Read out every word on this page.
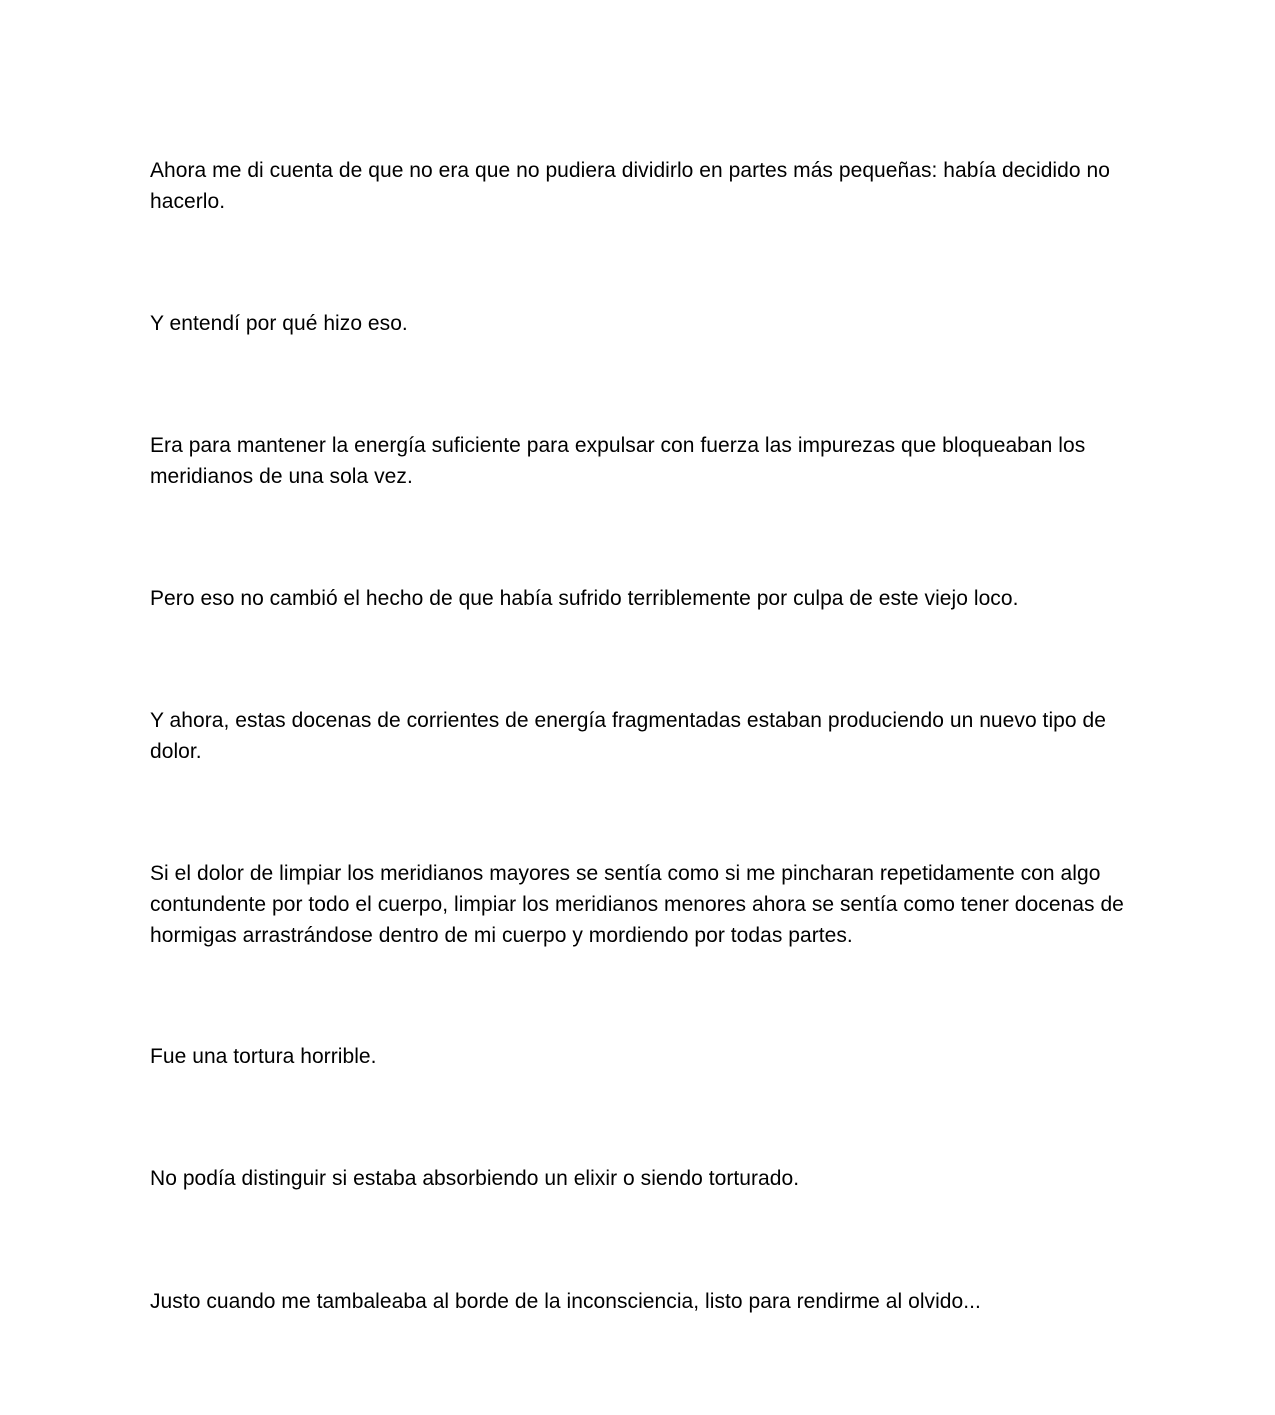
Ahora me di cuenta de que no era que no pudiera dividirlo en partes más pequeñas: había decidido no hacerlo.

Y entendí por qué hizo eso.

Era para mantener la energía suficiente para expulsar con fuerza las impurezas que bloqueaban los meridianos de una sola vez.

Pero eso no cambió el hecho de que había sufrido terriblemente por culpa de este viejo loco.

Y ahora, estas docenas de corrientes de energía fragmentadas estaban produciendo un nuevo tipo de dolor.

Si el dolor de limpiar los meridianos mayores se sentía como si me pincharan repetidamente con algo contundente por todo el cuerpo, limpiar los meridianos menores ahora se sentía como tener docenas de hormigas arrastrándose dentro de mi cuerpo y mordiendo por todas partes.

Fue una tortura horrible.

No podía distinguir si estaba absorbiendo un elixir o siendo torturado.

Justo cuando me tambaleaba al borde de la inconsciencia, listo para rendirme al olvido...
